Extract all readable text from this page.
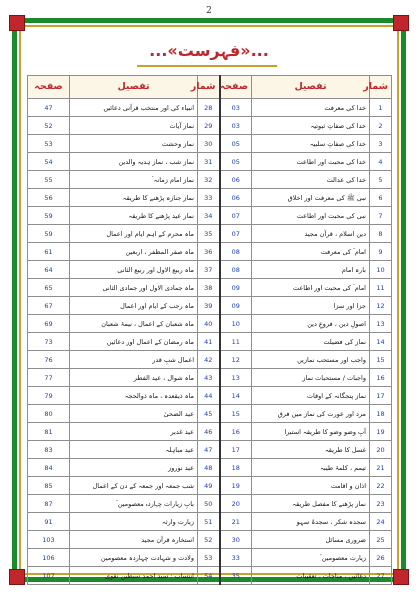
2
...«فہرست»...
شمار	تفصیل	صفحہ	شمار	تفصیل	صفحہ
1	خدا کی معرفت	03	28	انبیاء کی اور منتخب قرآنی دعائیں	47
2	خدا کی صفاتِ ثبوتیہ	03	29	نماز آیات	52
3	خدا کی صفاتِ سلبیہ	05	30	نماز وحشت	53
4	خدا کی محبت اور اطاعت	05	31	نماز شب ، نماز ہدیہ والدین	54
5	خدا کی عدالت	06	32	نماز امام زمانہ ؑ	55
6	نبی ﷺ کی معرفت اور اخلاق	06	33	نماز جنازہ پڑھنے کا طریقہ	56
7	نبی کی محبت اور اطاعت	07	34	نماز عید پڑھنے کا طریقہ	59
8	دین اسلام ، قرآن مجید	07	35	ماہ محرم کے اہم ایام اور اعمال	59
9	امام ؑ کی معرفت	08	36	ماہ صفر المظفر ، اربعین	61
10	بارہ امام	08	37	ماہ ربیع الاول اور ربیع الثانی	64
11	امام ؑ کی محبت اور اطاعت	09	38	ماہ جمادی الاول اور جمادی الثانی	65
12	جزا اور سزا	09	39	ماہ رجب کے ایام اور اعمال	67
13	اصولِ دین ، فروعِ دین	10	40	ماہ شعبان کے اعمال ، نیمۂ شعبان	69
14	نماز کی فضیلت	11	41	ماہ رمضان کے اعمال اور دعائیں	73
15	واجب اور مستحب نمازیں	12	42	اعمال شبِ قدر	76
16	واجبات / مستحبات نماز	13	43	ماہ شوال ، عید الفطر	77
17	نماز پنجگانہ کے اوقات	14	44	ماہ ذیقعدہ ، ماہ ذوالحجہ	79
18	مرد اور عورت کی نماز میں فرق	15	45	عید الضحیٰ	80
19	آبِ وضو وضو کا طریقہ استبرا	16	46	عید غدیر	81
20	غسل کا طریقہ	17	47	عید مباہلہ	83
21	تیمم ، کلمۂ طیبہ	18	48	عید نوروز	84
22	اذان و اقامت	19	49	شب جمعہ اور جمعہ کے دن کے اعمال	85
23	نماز پڑھنے کا مفصل طریقہ	20	50	بابِ زیارات چہاردہ معصومین ؑ	87
24	سجدہ شکر ، سجدۂ سہو	21	51	زیارت وارثہ	91
25	ضروری مسائل	30	52	استخارہ قرآن مجید	103
26	زیارت معصومین ؑ	33	53	ولادت و شہادت چہاردہ معصومین	106
27	دعائیں ، مناجات ، تعقیبات	35	54	انتساب : سید احمد سبطین نقوی	107
